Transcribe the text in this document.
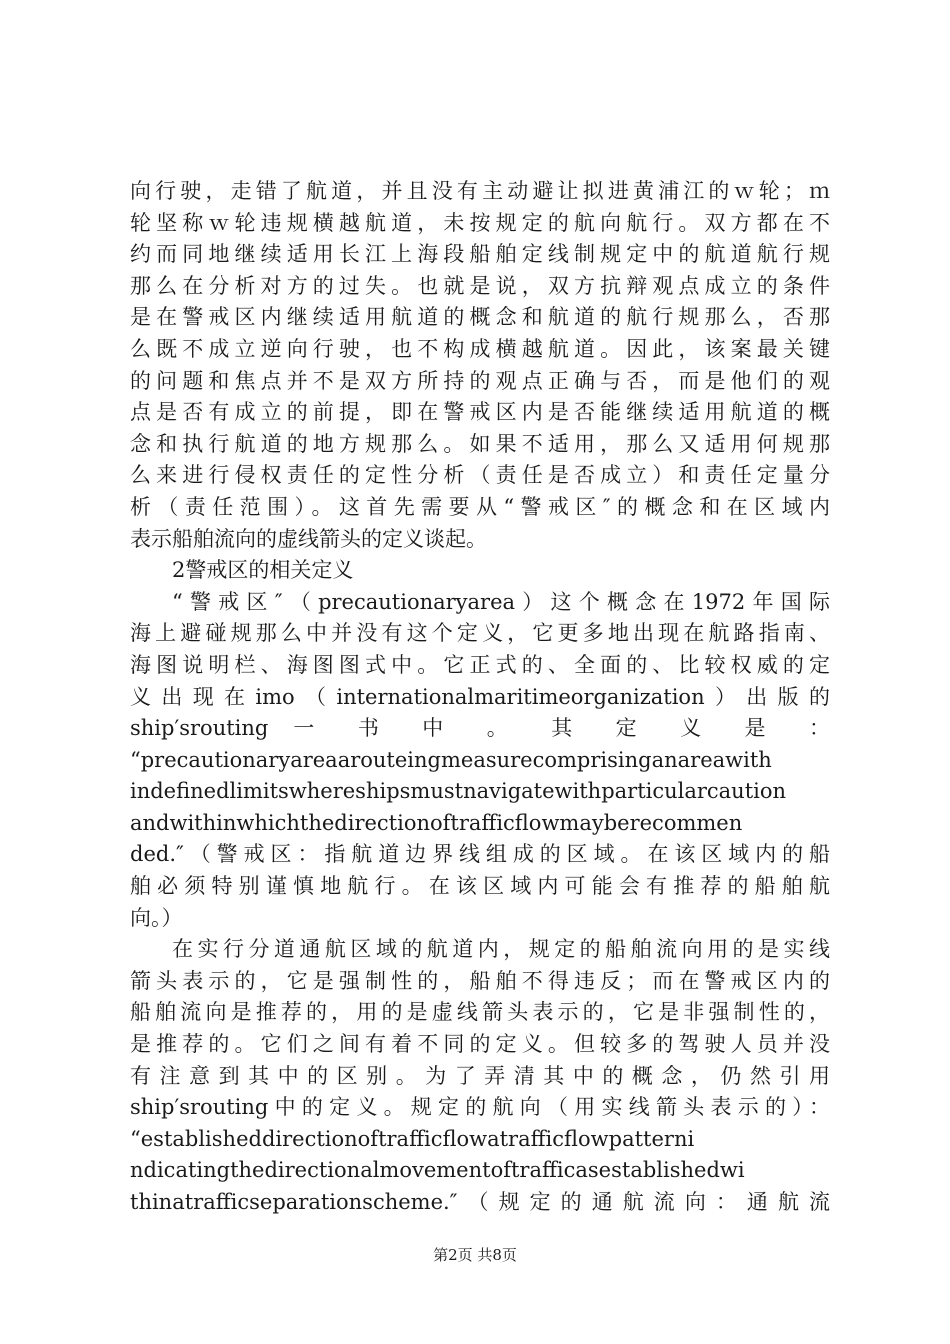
向行驶，走错了航道，并且没有主动避让拟进黄浦江的ｗ轮；ｍ
轮坚称ｗ轮违规横越航道，未按规定的航向航行。双方都在不
约而同地继续适用长江上海段船舶定线制规定中的航道航行规
那么在分析对方的过失。也就是说，双方抗辩观点成立的条件
是在警戒区内继续适用航道的概念和航道的航行规那么，否那
么既不成立逆向行驶，也不构成横越航道。因此，该案最关键
的问题和焦点并不是双方所持的观点正确与否，而是他们的观
点是否有成立的前提，即在警戒区内是否能继续适用航道的概
念和执行航道的地方规那么。如果不适用，那么又适用何规那
么来进行侵权责任的定性分析（责任是否成立）和责任定量分
析（责任范围）。这首先需要从“警戒区″的概念和在区域内
表示船舶流向的虚线箭头的定义谈起。
2警戒区的相关定义
“警戒区″（precautionaryarea）这个概念在1972年国际
海上避碰规那么中并没有这个定义，它更多地出现在航路指南、
海图说明栏、海图图式中。它正式的、全面的、比较权威的定
义出现在imo（internationalmaritimeorganization）出版的
ship′srouting 一 书 中 。 其 定 义 是 ：
“precautionaryareaarouteingmeasurecomprisinganareawith
indefinedlimitswhereshipsmustnavigatewithparticularcaution
andwithinwhichthedirectionoftrafficflowmayberecommen
ded.″（警戒区：指航道边界线组成的区域。在该区域内的船
舶必须特别谨慎地航行。在该区域内可能会有推荐的船舶航
向。）
在实行分道通航区域的航道内，规定的船舶流向用的是实线
箭头表示的，它是强制性的，船舶不得违反；而在警戒区内的
船舶流向是推荐的，用的是虚线箭头表示的，它是非强制性的，
是推荐的。它们之间有着不同的定义。但较多的驾驶人员并没
有注意到其中的区别。为了弄清其中的概念，仍然引用
ship′srouting中的定义。规定的航向（用实线箭头表示的）：
“establisheddirectionoftrafficflowatrafficflowpatterni
ndicatingthedirectionalmovementoftrafficasestablishedwi
thinatrafficseparationscheme.″（规定的通航流向：通航流
第2页 共8页
